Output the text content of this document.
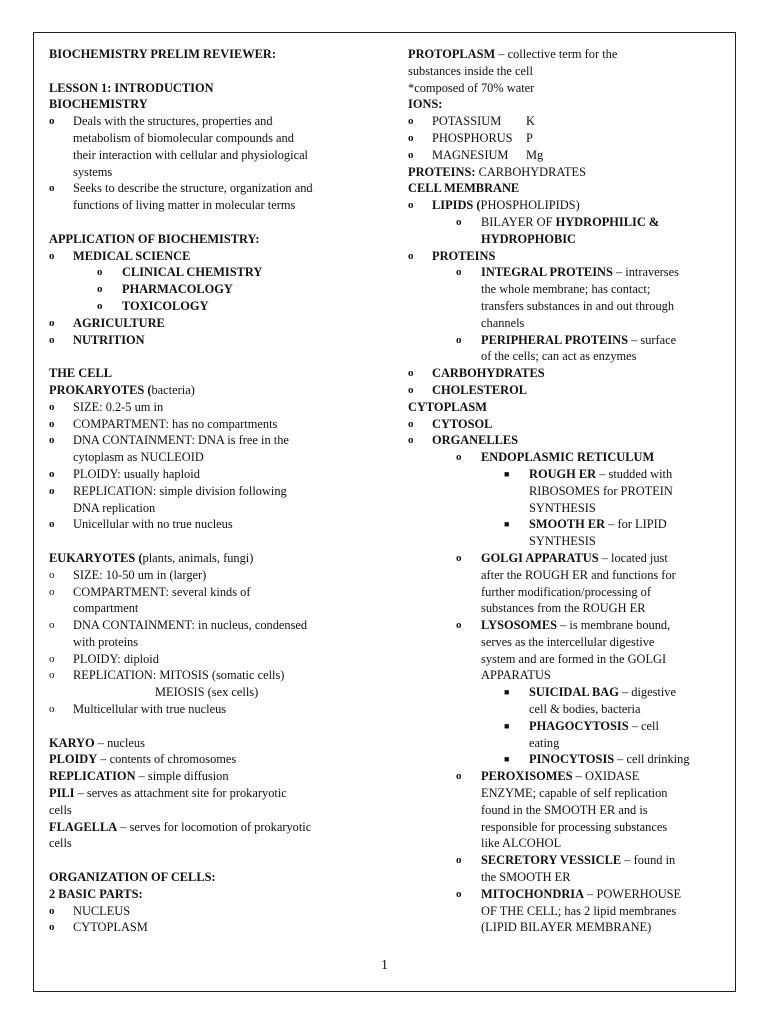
BIOCHEMISTRY PRELIM REVIEWER:
LESSON 1: INTRODUCTION
BIOCHEMISTRY
o	Deals with the structures, properties and
metabolism of biomolecular compounds and
their interaction with cellular and physiological
systems
o	Seeks to describe the structure, organization and
functions of living matter in molecular terms
APPLICATION OF BIOCHEMISTRY:
o	MEDICAL SCIENCE
o	CLINICAL CHEMISTRY
o	PHARMACOLOGY
o	TOXICOLOGY
o	AGRICULTURE
o	NUTRITION
THE CELL
PROKARYOTES (bacteria)
o	SIZE: 0.2-5 um in
o	COMPARTMENT: has no compartments
o	DNA CONTAINMENT: DNA is free in the
cytoplasm as NUCLEOID
o	PLOIDY: usually haploid
o	REPLICATION: simple division following
DNA replication
o	Unicellular with no true nucleus
EUKARYOTES (plants, animals, fungi)
o	SIZE: 10-50 um in (larger)
o	COMPARTMENT: several kinds of
compartment
o	DNA CONTAINMENT: in nucleus, condensed
with proteins
o	PLOIDY: diploid
o	REPLICATION: MITOSIS (somatic cells)
MEIOSIS (sex cells)
o	Multicellular with true nucleus
KARYO – nucleus
PLOIDY – contents of chromosomes
REPLICATION – simple diffusion
PILI – serves as attachment site for prokaryotic
cells
FLAGELLA – serves for locomotion of prokaryotic
cells
ORGANIZATION OF CELLS:
2 BASIC PARTS:
o	NUCLEUS
o	CYTOPLASM
PROTOPLASM – collective term for the
substances inside the cell
*composed of 70% water
IONS:
o	POTASSIUM K
o	PHOSPHORUS P
o	MAGNESIUM Mg
PROTEINS: CARBOHYDRATES
CELL MEMBRANE
o	LIPIDS (PHOSPHOLIPIDS)
o	BILAYER OF HYDROPHILIC &
HYDROPHOBIC
o	PROTEINS
o	INTEGRAL PROTEINS – intraverses
the whole membrane; has contact;
transfers substances in and out through
channels
o	PERIPHERAL PROTEINS – surface
of the cells; can act as enzymes
o	CARBOHYDRATES
o	CHOLESTEROL
CYTOPLASM
o	CYTOSOL
o	ORGANELLES
o	ENDOPLASMIC RETICULUM
■	ROUGH ER – studded with
RIBOSOMES for PROTEIN
SYNTHESIS
■	SMOOTH ER – for LIPID
SYNTHESIS
o	GOLGI APPARATUS – located just
after the ROUGH ER and functions for
further modification/processing of
substances from the ROUGH ER
o	LYSOSOMES – is membrane bound,
serves as the intercellular digestive
system and are formed in the GOLGI
APPARATUS
■	SUICIDAL BAG – digestive
cell & bodies, bacteria
■	PHAGOCYTOSIS – cell
eating
■	PINOCYTOSIS – cell drinking
o	PEROXISOMES – OXIDASE
ENZYME; capable of self replication
found in the SMOOTH ER and is
responsible for processing substances
like ALCOHOL
o	SECRETORY VESSICLE – found in
the SMOOTH ER
o	MITOCHONDRIA – POWERHOUSE
OF THE CELL; has 2 lipid membranes
(LIPID BILAYER MEMBRANE)
1
